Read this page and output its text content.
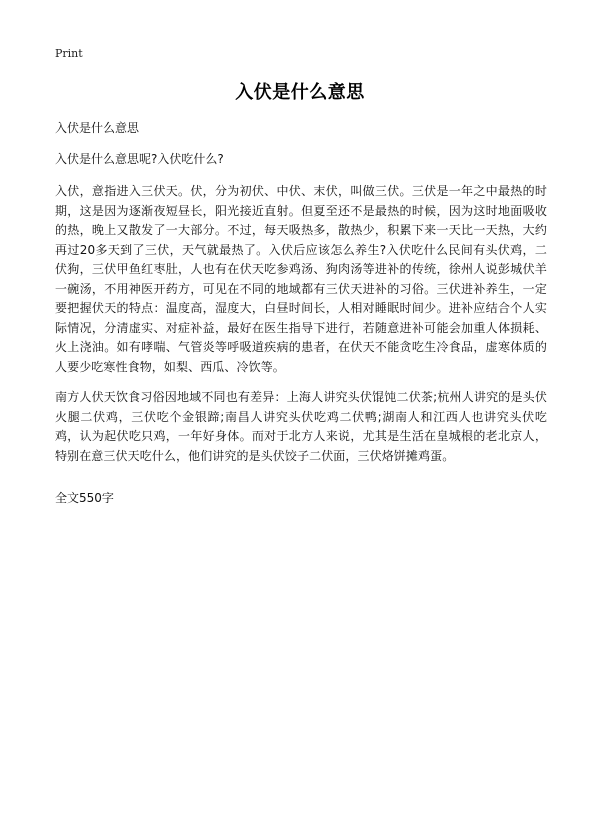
Print
入伏是什么意思
入伏是什么意思
入伏是什么意思呢?入伏吃什么?
入伏，意指进入三伏天。伏，分为初伏、中伏、末伏，叫做三伏。三伏是一年之中最热的时期，这是因为逐渐夜短昼长，阳光接近直射。但夏至还不是最热的时候，因为这时地面吸收的热，晚上又散发了一大部分。不过，每天吸热多，散热少，积累下来一天比一天热，大约再过20多天到了三伏，天气就最热了。入伏后应该怎么养生?入伏吃什么民间有头伏鸡，二伏狗，三伏甲鱼红枣肚，人也有在伏天吃参鸡汤、狗肉汤等进补的传统，徐州人说彭城伏羊一碗汤，不用神医开药方，可见在不同的地域都有三伏天进补的习俗。三伏进补养生，一定要把握伏天的特点：温度高，湿度大，白昼时间长，人相对睡眠时间少。进补应结合个人实际情况，分清虚实、对症补益，最好在医生指导下进行，若随意进补可能会加重人体损耗、火上浇油。如有哮喘、气管炎等呼吸道疾病的患者，在伏天不能贪吃生冷食品，虚寒体质的人要少吃寒性食物，如梨、西瓜、冷饮等。
南方人伏天饮食习俗因地域不同也有差异：上海人讲究头伏馄饨二伏茶;杭州人讲究的是头伏火腿二伏鸡，三伏吃个金银蹄;南昌人讲究头伏吃鸡二伏鸭;湖南人和江西人也讲究头伏吃鸡，认为起伏吃只鸡，一年好身体。而对于北方人来说，尤其是生活在皇城根的老北京人，特别在意三伏天吃什么，他们讲究的是头伏饺子二伏面，三伏烙饼摊鸡蛋。
全文550字
